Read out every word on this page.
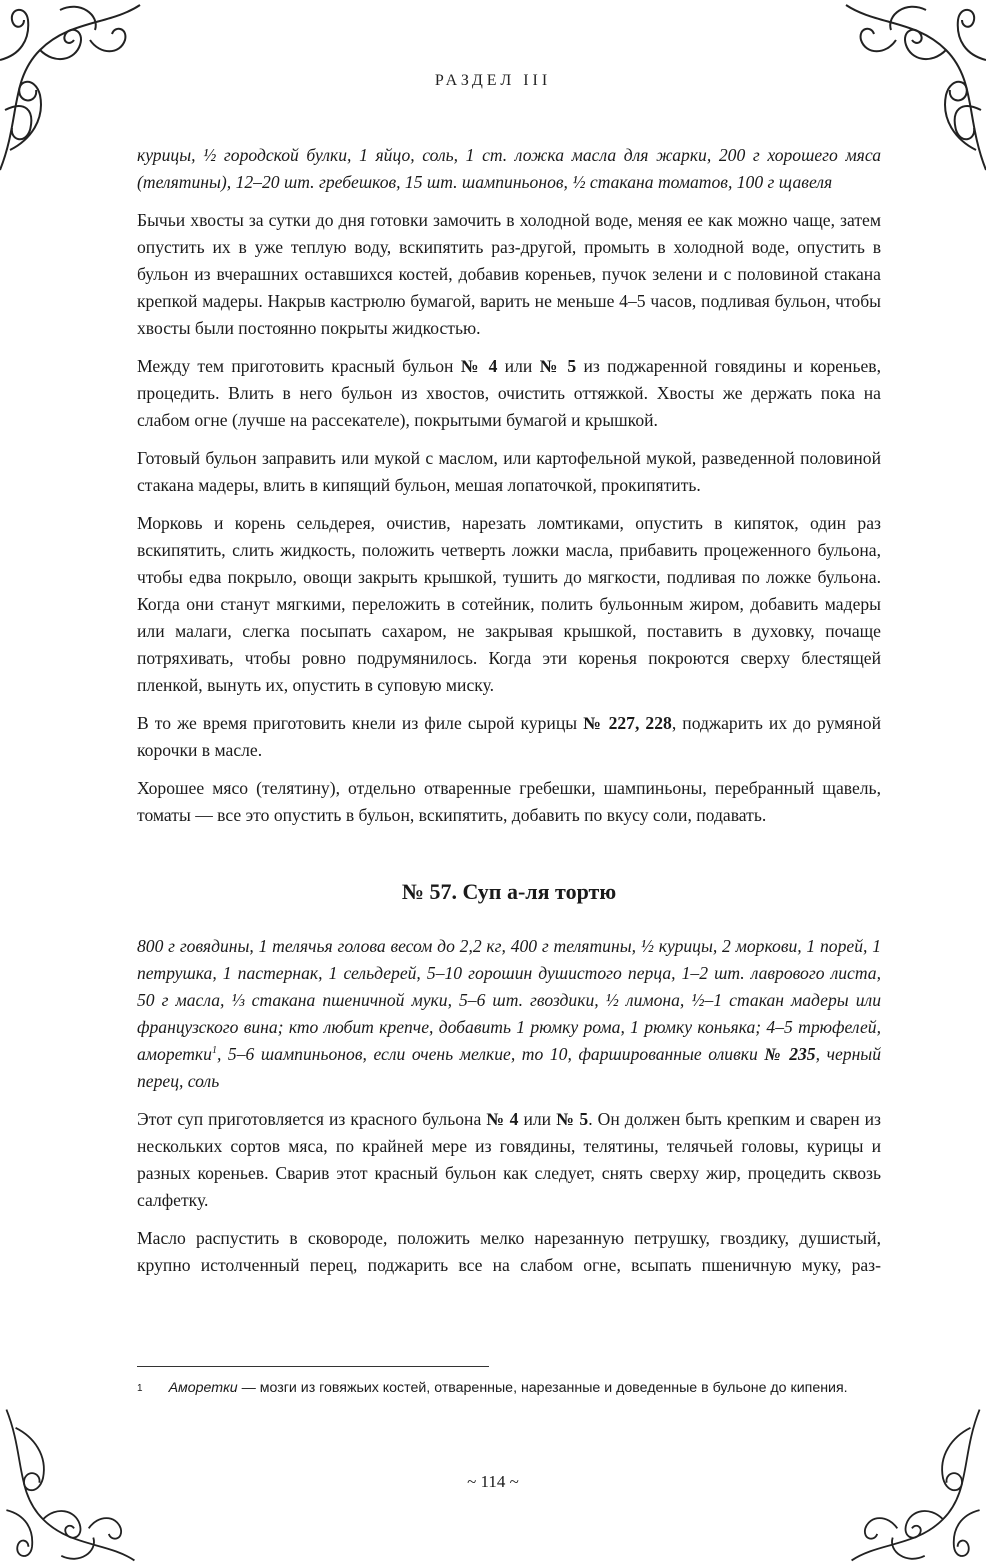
РАЗДЕЛ III

курицы, ½ городской булки, 1 яйцо, соль, 1 ст. ложка масла для жарки, 200 г хорошего мяса (телятины), 12–20 шт. гребешков, 15 шт. шампиньонов, ½ стакана томатов, 100 г щавеля

Бычьи хвосты за сутки до дня готовки замочить в холодной воде, меняя ее как можно чаще, затем опустить их в уже теплую воду, вскипятить раз-другой, промыть в холодной воде, опустить в бульон из вчерашних оставшихся костей, добавив кореньев, пучок зелени и с половиной стакана крепкой мадеры. Накрыв кастрюлю бумагой, варить не меньше 4–5 часов, подливая бульон, чтобы хвосты были постоянно покрыты жидкостью.

Между тем приготовить красный бульон № 4 или № 5 из поджаренной говядины и кореньев, процедить. Влить в него бульон из хвостов, очистить оттяжкой. Хвосты же держать пока на слабом огне (лучше на рассекателе), покрытыми бумагой и крышкой.

Готовый бульон заправить или мукой с маслом, или картофельной мукой, разведенной половиной стакана мадеры, влить в кипящий бульон, мешая лопаточкой, прокипятить.

Морковь и корень сельдерея, очистив, нарезать ломтиками, опустить в кипяток, один раз вскипятить, слить жидкость, положить четверть ложки масла, прибавить процеженного бульона, чтобы едва покрыло, овощи закрыть крышкой, тушить до мягкости, подливая по ложке бульона. Когда они станут мягкими, переложить в сотейник, полить бульонным жиром, добавить мадеры или малаги, слегка посыпать сахаром, не закрывая крышкой, поставить в духовку, почаще потряхивать, чтобы ровно подрумянилось. Когда эти коренья покроются сверху блестящей пленкой, вынуть их, опустить в суповую миску.

В то же время приготовить кнели из филе сырой курицы № 227, 228, поджарить их до румяной корочки в масле.

Хорошее мясо (телятину), отдельно отваренные гребешки, шампиньоны, перебранный щавель, томаты — все это опустить в бульон, вскипятить, добавить по вкусу соли, подавать.

№ 57. Суп а-ля тортю

800 г говядины, 1 телячья голова весом до 2,2 кг, 400 г телятины, ½ курицы, 2 моркови, 1 порей, 1 петрушка, 1 пастернак, 1 сельдерей, 5–10 горошин душистого перца, 1–2 шт. лаврового листа, 50 г масла, ⅓ стакана пшеничной муки, 5–6 шт. гвоздики, ½ лимона, ½–1 стакан мадеры или французского вина; кто любит крепче, добавить 1 рюмку рома, 1 рюмку коньяка; 4–5 трюфелей, аморетки$^1$, 5–6 шампиньонов, если очень мелкие, то 10, фаршированные оливки № 235, черный перец, соль

Этот суп приготовляется из красного бульона № 4 или № 5. Он должен быть крепким и сварен из нескольких сортов мяса, по крайней мере из говядины, телятины, телячьей головы, курицы и разных кореньев. Сварив этот красный бульон как следует, снять сверху жир, процедить сквозь салфетку.

Масло распустить в сковороде, положить мелко нарезанную петрушку, гвоздику, душистый, крупно истолченный перец, поджарить все на слабом огне, всыпать пшеничную муку, раз-

$^1$ Аморетки — мозги из говяжьих костей, отваренные, нарезанные и доведенные в бульоне до кипения.
~ 114 ~
